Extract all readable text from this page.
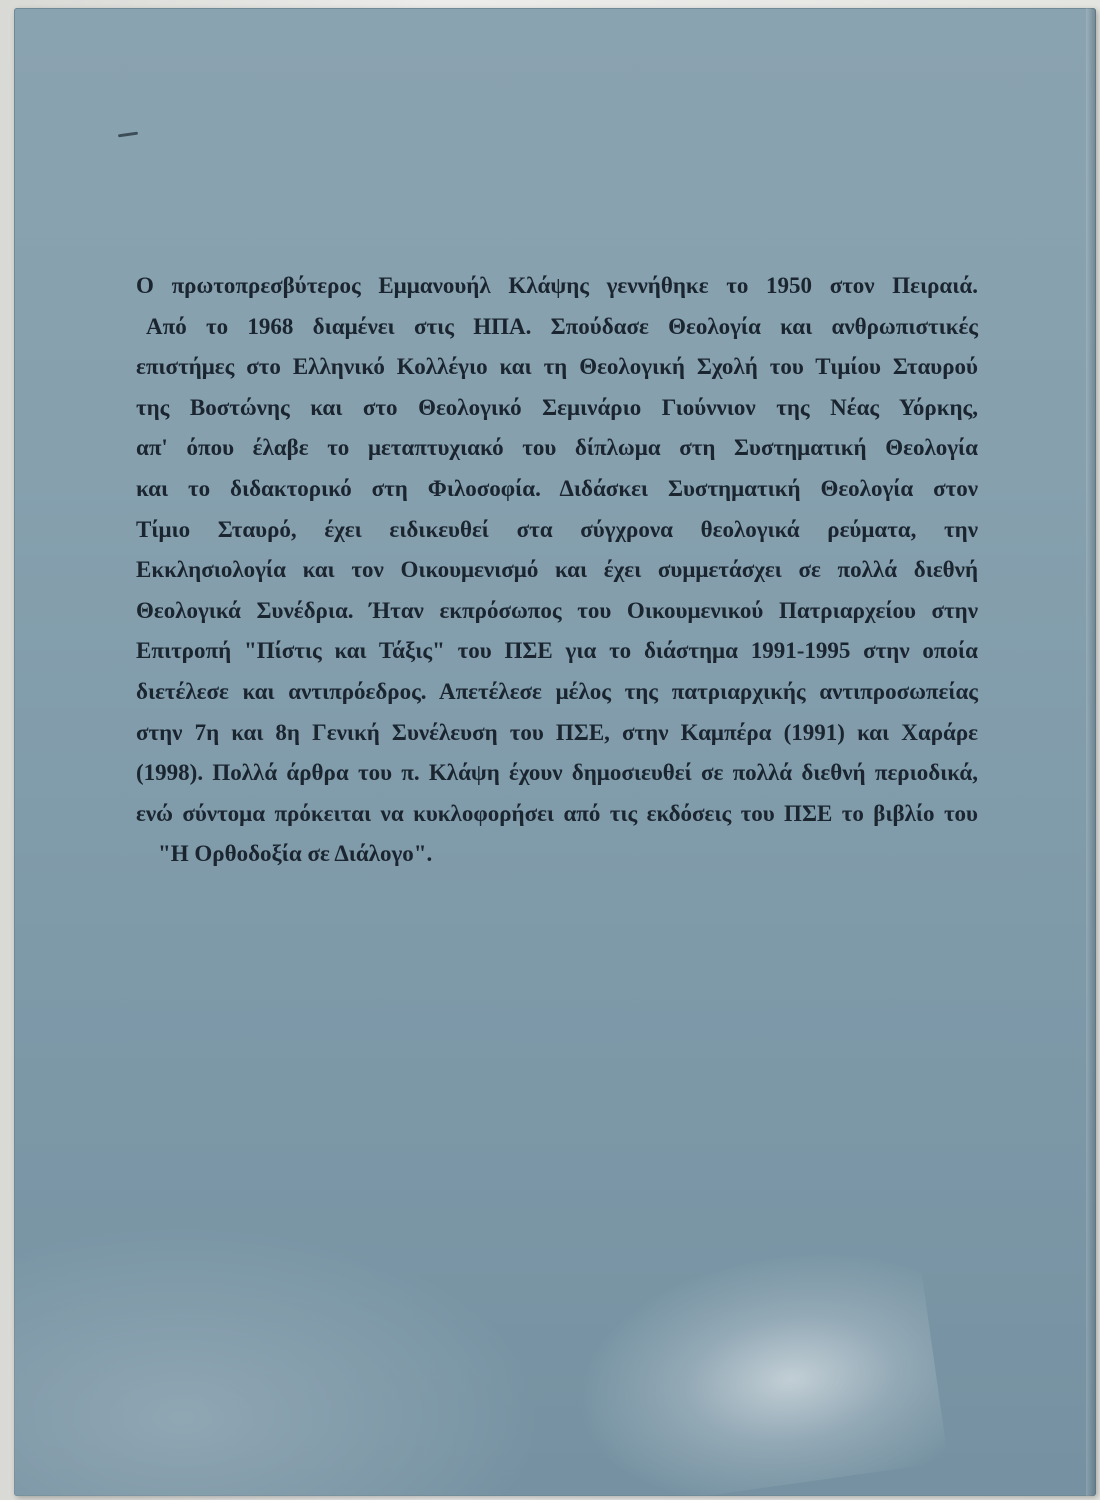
Ο πρωτοπρεσβύτερος Εμμανουήλ Κλάψης γεννήθηκε το 1950 στον Πειραιά.
Από το 1968 διαμένει στις ΗΠΑ. Σπούδασε Θεολογία και ανθρωπιστικές
επιστήμες στο Ελληνικό Κολλέγιο και τη Θεολογική Σχολή του Τιμίου Σταυρού
της Βοστώνης και στο Θεολογικό Σεμινάριο Γιούννιον της Νέας Υόρκης,
απ' όπου έλαβε το μεταπτυχιακό του δίπλωμα στη Συστηματική Θεολογία
και το διδακτορικό στη Φιλοσοφία. Διδάσκει Συστηματική Θεολογία στον
Τίμιο Σταυρό, έχει ειδικευθεί στα σύγχρονα θεολογικά ρεύματα, την
Εκκλησιολογία και τον Οικουμενισμό και έχει συμμετάσχει σε πολλά διεθνή
Θεολογικά Συνέδρια. Ήταν εκπρόσωπος του Οικουμενικού Πατριαρχείου στην
Επιτροπή "Πίστις και Τάξις" του ΠΣΕ για το διάστημα 1991-1995 στην οποία
διετέλεσε και αντιπρόεδρος. Απετέλεσε μέλος της πατριαρχικής αντιπροσωπείας
στην 7η και 8η Γενική Συνέλευση του ΠΣΕ, στην Καμπέρα (1991) και Χαράρε
(1998). Πολλά άρθρα του π. Κλάψη έχουν δημοσιευθεί σε πολλά διεθνή περιοδικά,
ενώ σύντομα πρόκειται να κυκλοφορήσει από τις εκδόσεις του ΠΣΕ το βιβλίο του
"Η Ορθοδοξία σε Διάλογο".
